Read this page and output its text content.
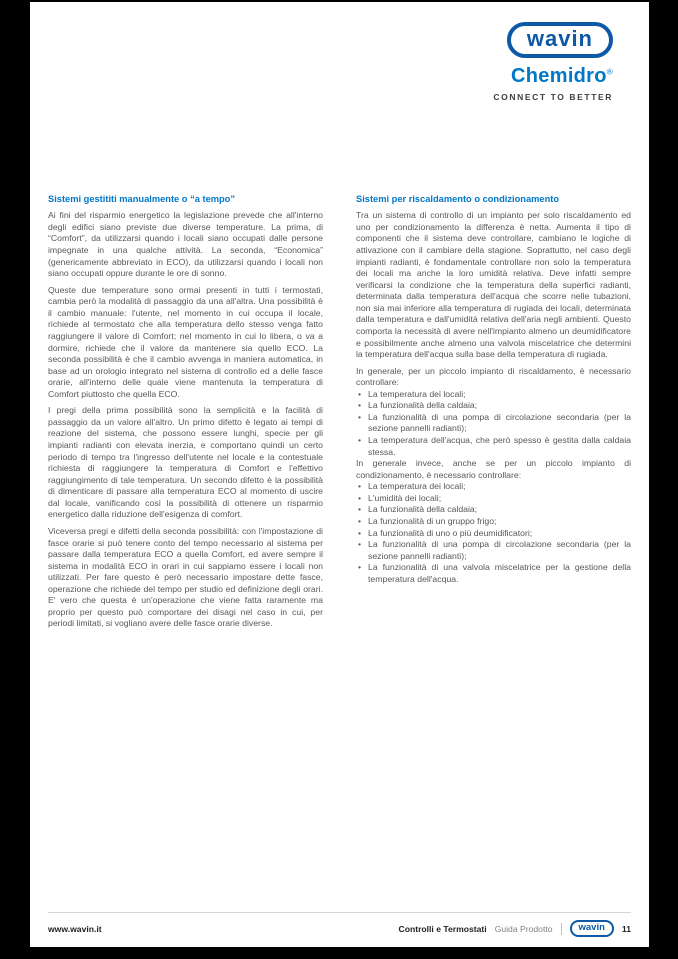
wavin
Chemidro®
CONNECT TO BETTER
Sistemi gestititi manualmente o “a tempo”

Ai fini del risparmio energetico la legislazione prevede che all'interno degli edifici siano previste due diverse temperature. La prima, di “Comfort”, da utilizzarsi quando i locali siano occupati dalle persone impegnate in una qualche attività. La seconda, “Economica” (genericamente abbreviato in ECO), da utilizzarsi quando i locali non siano occupati oppure durante le ore di sonno.

Queste due temperature sono ormai presenti in tutti i termostati, cambia però la modalità di passaggio da una all'altra. Una possibilità è il cambio manuale: l'utente, nel momento in cui occupa il locale, richiede al termostato che alla temperatura dello stesso venga fatto raggiungere il valore di Comfort; nel momento in cui lo libera, o va a dormire, richiede che il valore da mantenere sia quello ECO. La seconda possibilità è che il cambio avvenga in maniera automatica, in base ad un orologio integrato nel sistema di controllo ed a delle fasce orarie, all'interno delle quale viene mantenuta la temperatura di Comfort piuttosto che quella ECO.

I pregi della prima possibilità sono la semplicità e la facilità di passaggio da un valore all'altro. Un primo difetto è legato ai tempi di reazione del sistema, che possono essere lunghi, specie per gli impianti radianti con elevata inerzia, e comportano quindi un certo periodo di tempo tra l'ingresso dell'utente nel locale e la contestuale richiesta di raggiungere la temperatura di Comfort e l'effettivo raggiungimento di tale temperatura. Un secondo difetto è la possibilità di dimenticare di passare alla temperatura ECO al momento di uscire dal locale, vanificando così la possibilità di ottenere un risparmio energetico dalla riduzione dell'esigenza di comfort.

Viceversa pregi e difetti della seconda possibilità: con l'impostazione di fasce orarie si può tenere conto del tempo necessario al sistema per passare dalla temperatura ECO a quella Comfort, ed avere sempre il sistema in modalità ECO in orari in cui sappiamo essere i locali non utilizzati. Per fare questo è però necessario impostare dette fasce, operazione che richiede del tempo per studio ed definizione degli orari. E' vero che questa è un'operazione che viene fatta raramente ma proprio per questo può comportare dei disagi nel caso in cui, per periodi limitati, si vogliano avere delle fasce orarie diverse.

Sistemi per riscaldamento o condizionamento

Tra un sistema di controllo di un impianto per solo riscaldamento ed uno per condizionamento la differenza è netta. Aumenta il tipo di componenti che il sistema deve controllare, cambiano le logiche di attivazione con il cambiare della stagione. Soprattutto, nel caso degli impianti radianti, è fondamentale controllare non solo la temperatura dei locali ma anche la loro umidità relativa. Deve infatti sempre verificarsi la condizione che la temperatura della superfici radianti, determinata dalla temperatura dell'acqua che scorre nelle tubazioni, non sia mai inferiore alla temperatura di rugiada dei locali, determinata dalla temperatura e dall'umidità relativa dell'aria negli ambienti. Questo comporta la necessità di avere nell'impianto almeno un deumidificatore e possibilmente anche almeno una valvola miscelatrice che determini la temperatura dell'acqua sulla base della temperatura di rugiada.

In generale, per un piccolo impianto di riscaldamento, è necessario controllare:

• La temperatura dei locali;
• La funzionalità della caldaia;
• La funzionalità di una pompa di circolazione secondaria (per la sezione pannelli radianti);
• La temperatura dell'acqua, che però spesso è gestita dalla caldaia stessa.

In generale invece, anche se per un piccolo impianto di condizionamento, è necessario controllare:

• La temperatura dei locali;
• L'umidità dei locali;
• La funzionalità della caldaia;
• La funzionalità di un gruppo frigo;
• La funzionalità di uno o più deumidificatori;
• La funzionalità di una pompa di circolazione secondaria (per la sezione pannelli radianti);
• La funzionalità di una valvola miscelatrice per la gestione della temperatura dell'acqua.
www.wavin.it	Controlli e Termostati Guida Prodotto	wavin	11
